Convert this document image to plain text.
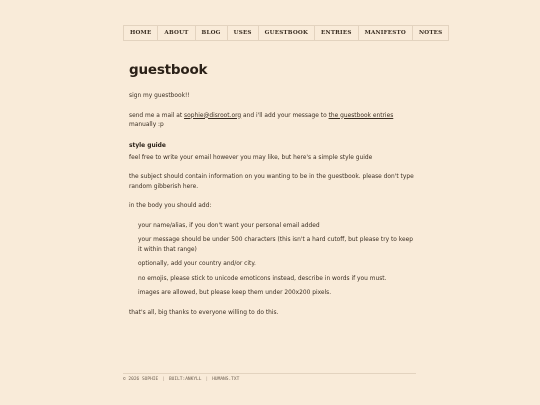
HOME	ABOUT	BLOG	USES	GUESTBOOK	ENTRIES	MANIFESTO	NOTES
guestbook

sign my guestbook!!

send me a mail at sophie@disroot.org and i'll add your message to the guestbook entries manually :p

style guide

feel free to write your email however you may like, but here's a simple style guide

the subject should contain information on you wanting to be in the guestbook. please don't type random gibberish here.

in the body you should add:

your name/alias, if you don't want your personal email added
your message should be under 500 characters (this isn't a hard cutoff, but please try to keep it within that range)
optionally, add your country and/or city.
no emojis, please stick to unicode emoticons instead, describe in words if you must.
images are allowed, but please keep them under 200x200 pixels.

that's all, big thanks to everyone willing to do this.

© 2026 SOPHIE | BUILT:ANKYLL | HUMANS.TXT
